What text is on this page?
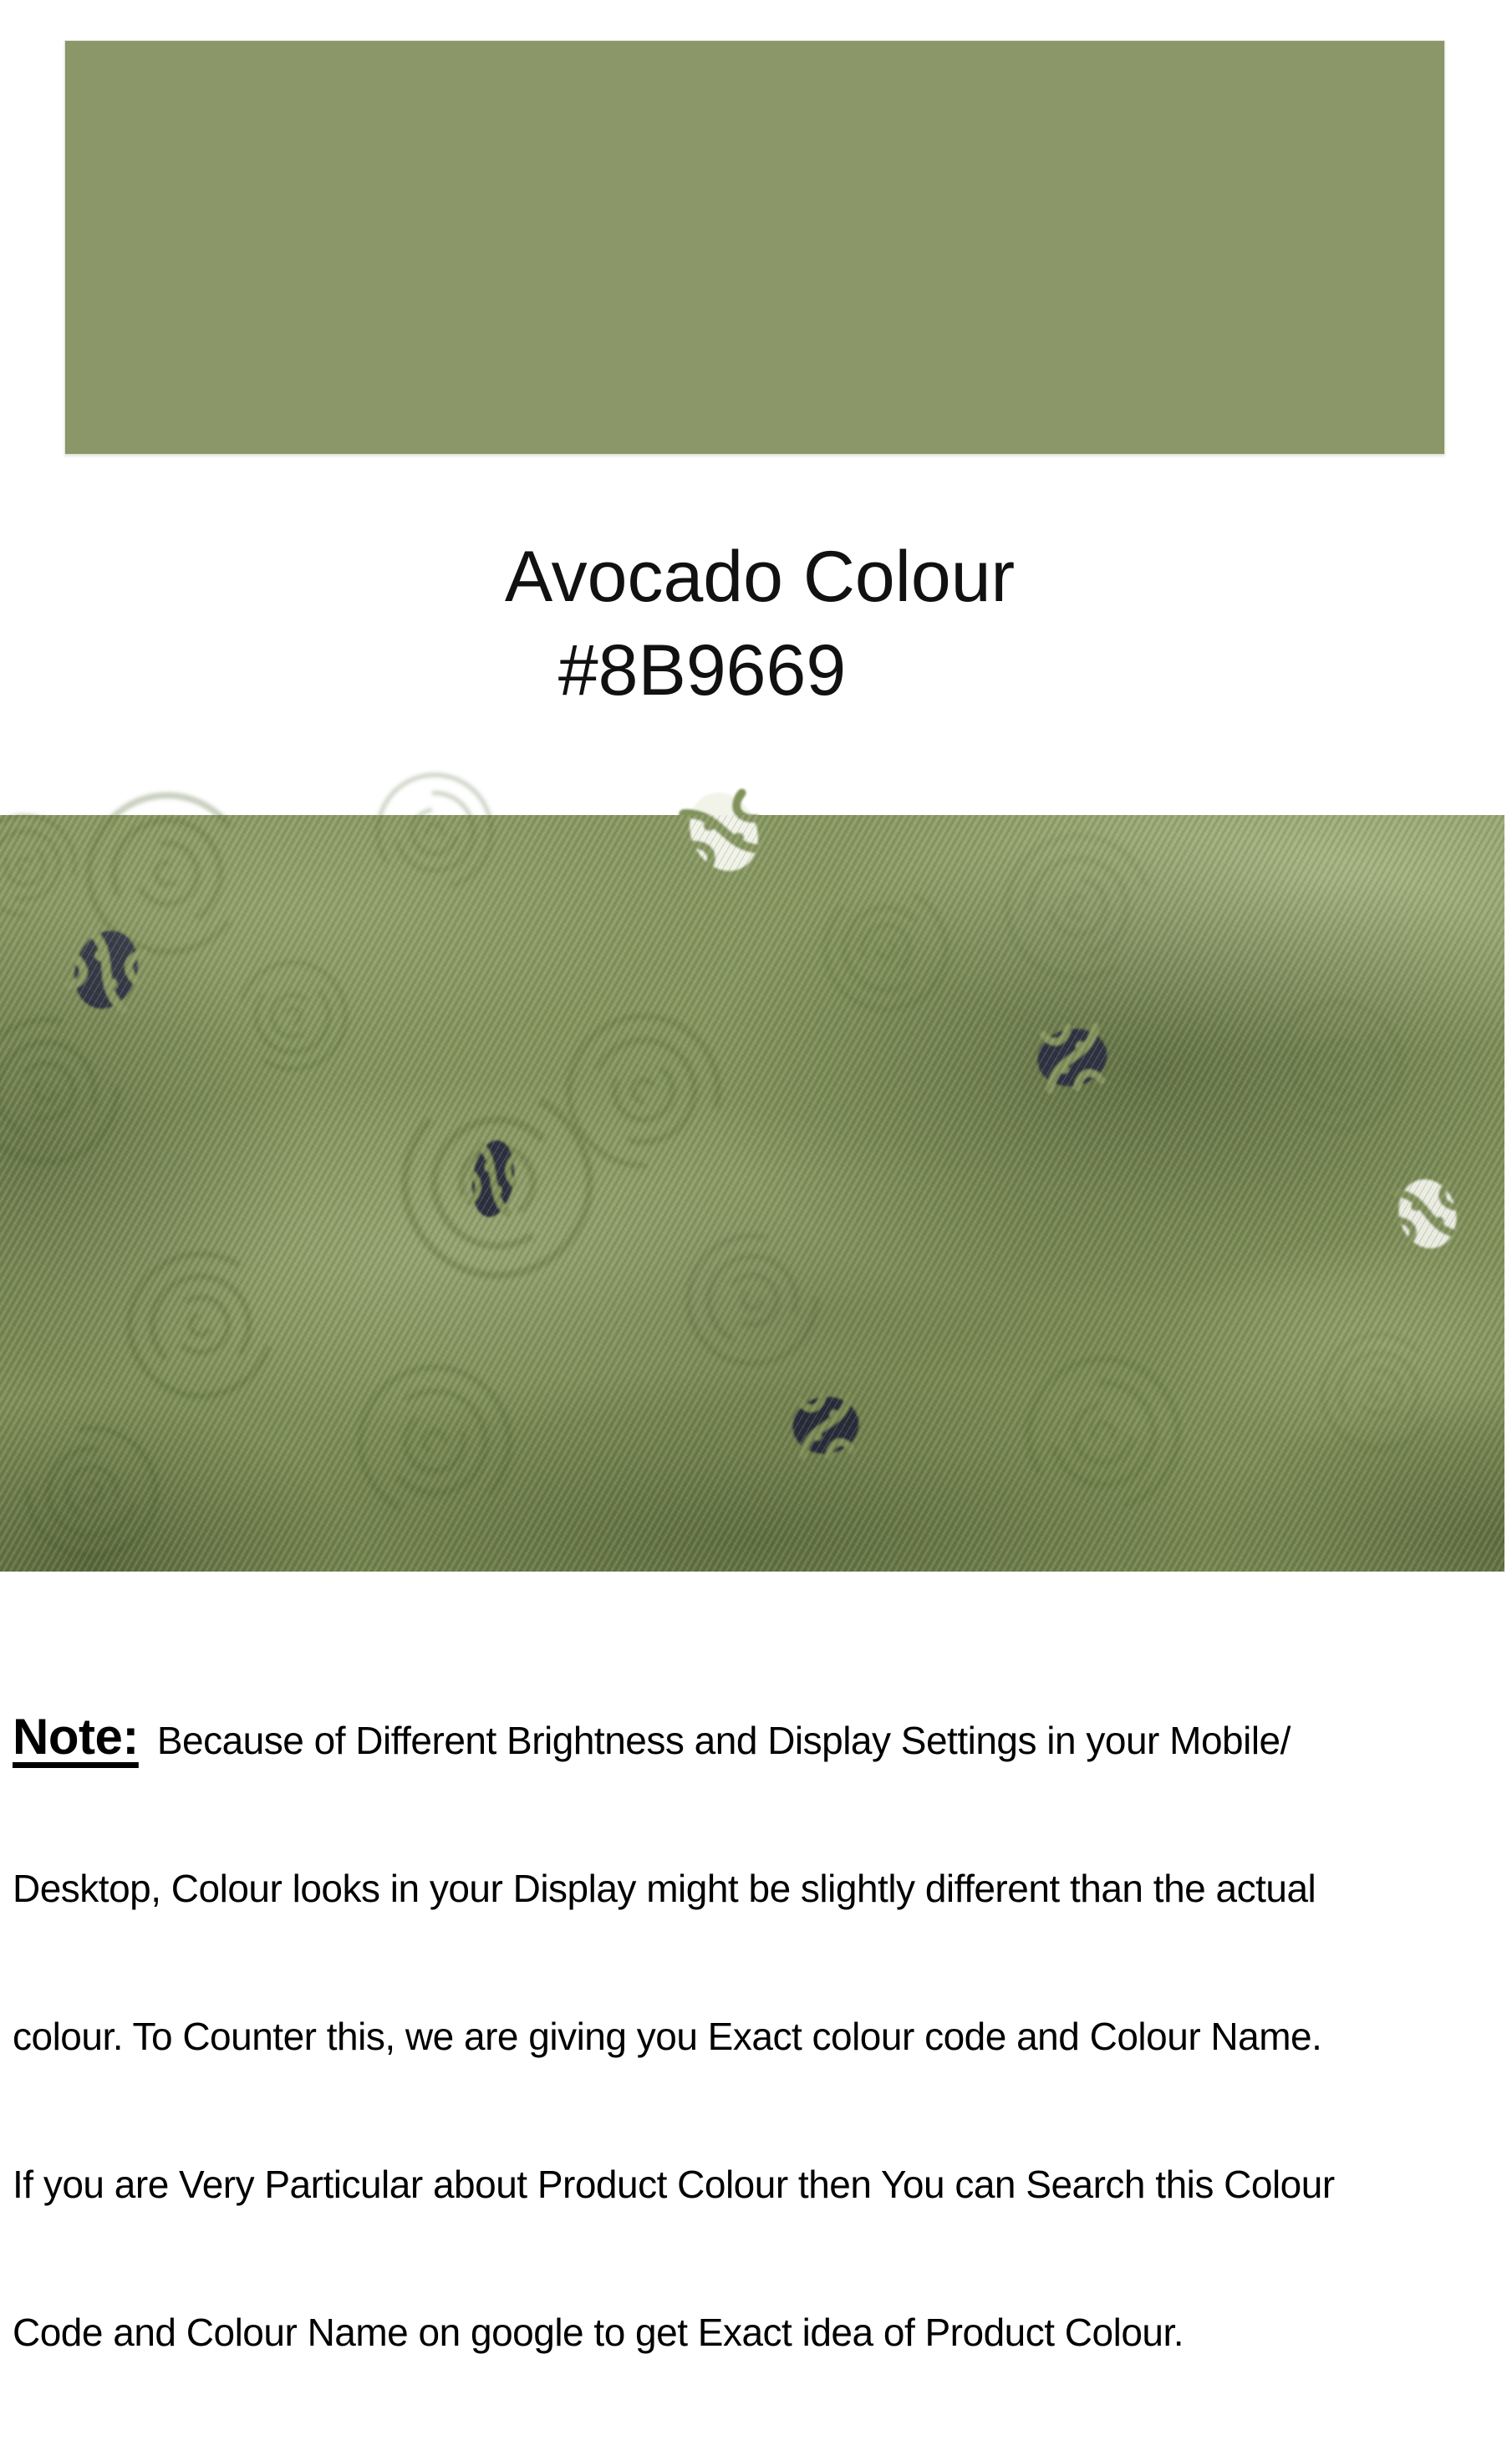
Avocado Colour
#8B9669

Note: Because of Different Brightness and Display Settings in your Mobile/

Desktop, Colour looks in your Display might be slightly different than the actual

colour. To Counter this, we are giving you Exact colour code and Colour Name.

If you are Very Particular about Product Colour then You can Search this Colour

Code and Colour Name on google to get Exact idea of Product Colour.
